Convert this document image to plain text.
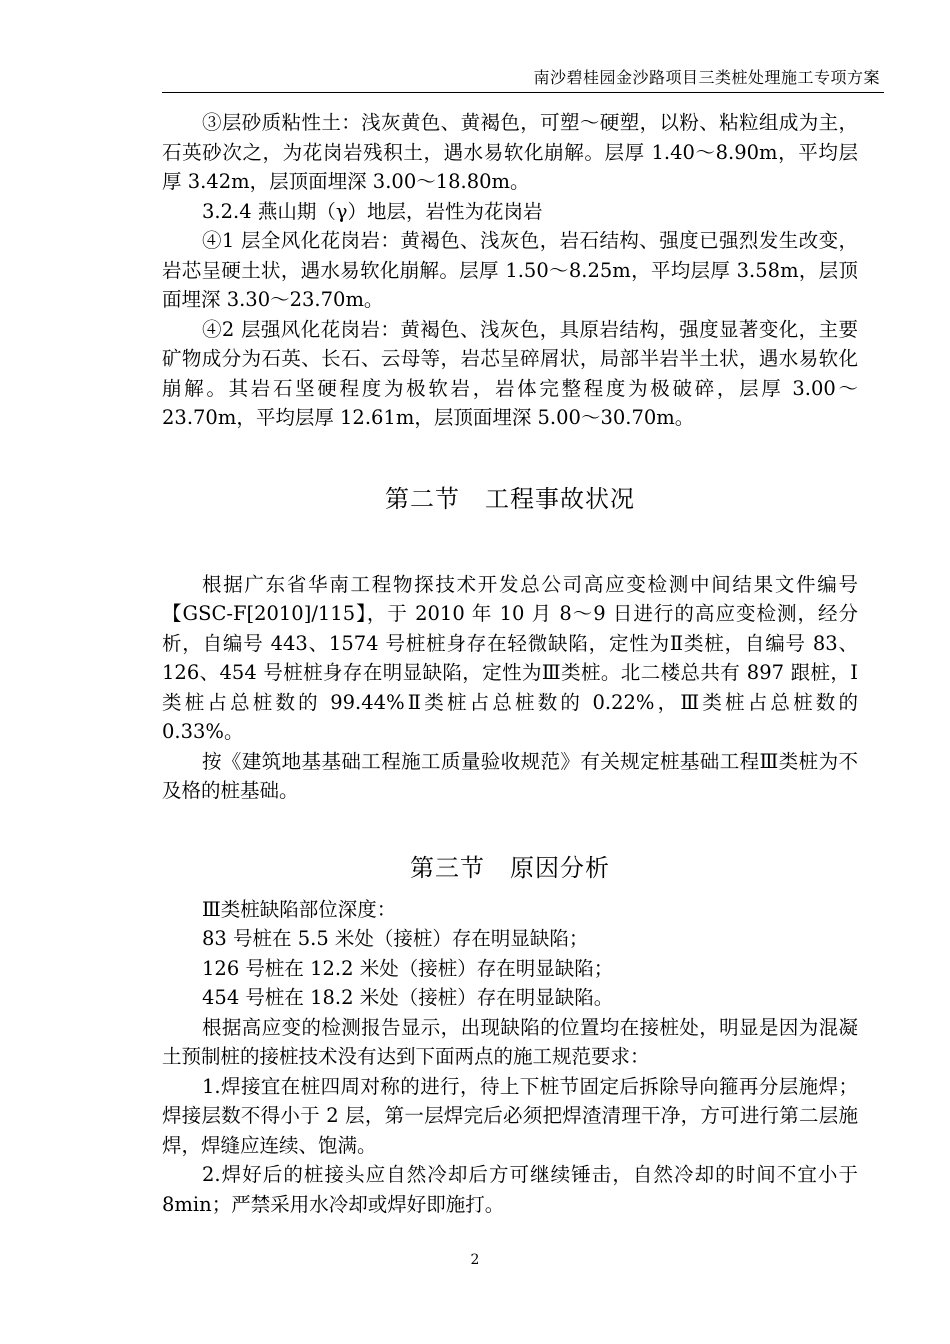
南沙碧桂园金沙路项目三类桩处理施工专项方案

③层砂质粘性土：浅灰黄色、黄褐色，可塑～硬塑，以粉、粘粒组成为主，石英砂次之，为花岗岩残积土，遇水易软化崩解。层厚 1.40～8.90m，平均层厚 3.42m，层顶面埋深 3.00～18.80m。

3.2.4 燕山期（γ）地层，岩性为花岗岩

④1 层全风化花岗岩：黄褐色、浅灰色，岩石结构、强度已强烈发生改变，岩芯呈硬土状，遇水易软化崩解。层厚 1.50～8.25m，平均层厚 3.58m，层顶面埋深 3.30～23.70m。

④2 层强风化花岗岩：黄褐色、浅灰色，具原岩结构，强度显著变化，主要矿物成分为石英、长石、云母等，岩芯呈碎屑状，局部半岩半土状，遇水易软化崩解。其岩石坚硬程度为极软岩，岩体完整程度为极破碎，层厚 3.00～23.70m，平均层厚 12.61m，层顶面埋深 5.00～30.70m。

第二节　工程事故状况

根据广东省华南工程物探技术开发总公司高应变检测中间结果文件编号【GSC-F[2010]/115】，于 2010 年 10 月 8～9 日进行的高应变检测，经分析，自编号 443、1574 号桩桩身存在轻微缺陷，定性为Ⅱ类桩，自编号 83、126、454 号桩桩身存在明显缺陷，定性为Ⅲ类桩。北二楼总共有 897 跟桩，Ⅰ类桩占总桩数的 99.44%Ⅱ类桩占总桩数的 0.22%，Ⅲ类桩占总桩数的 0.33%。

按《建筑地基基础工程施工质量验收规范》有关规定桩基础工程Ⅲ类桩为不及格的桩基础。

第三节　原因分析

Ⅲ类桩缺陷部位深度：

83 号桩在 5.5 米处（接桩）存在明显缺陷；

126 号桩在 12.2 米处（接桩）存在明显缺陷；

454 号桩在 18.2 米处（接桩）存在明显缺陷。

根据高应变的检测报告显示，出现缺陷的位置均在接桩处，明显是因为混凝土预制桩的接桩技术没有达到下面两点的施工规范要求：

1.焊接宜在桩四周对称的进行，待上下桩节固定后拆除导向箍再分层施焊；焊接层数不得小于 2 层，第一层焊完后必须把焊渣清理干净，方可进行第二层施焊，焊缝应连续、饱满。

2.焊好后的桩接头应自然冷却后方可继续锤击，自然冷却的时间不宜小于 8min；严禁采用水冷却或焊好即施打。

2
